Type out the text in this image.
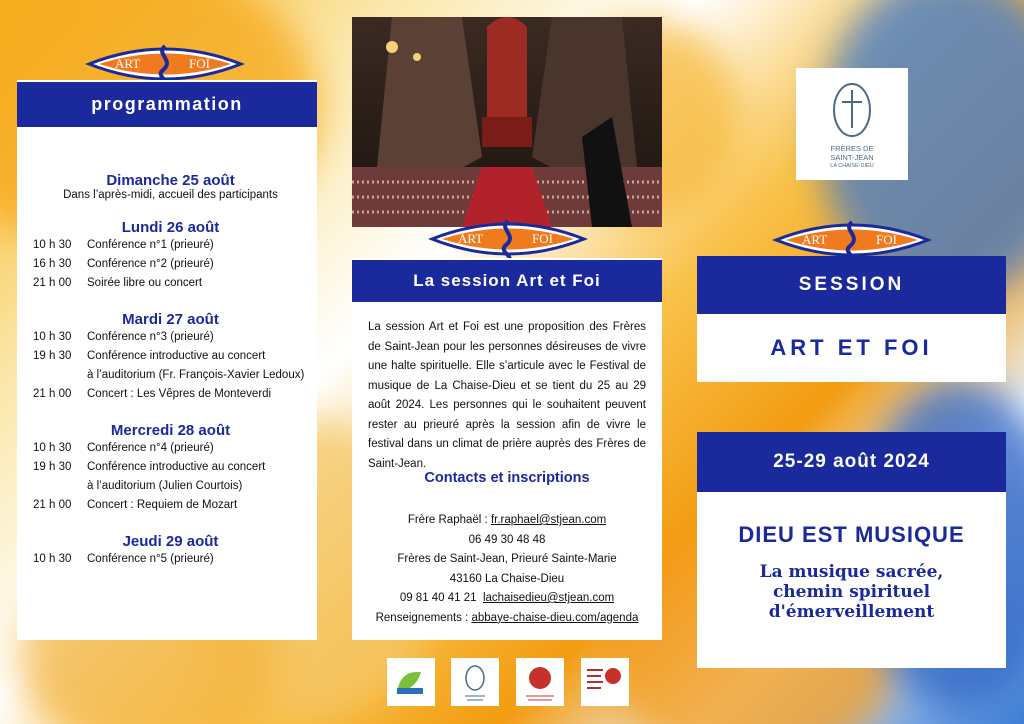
ART	FOI
programmation
Dimanche 25 août
Dans l’après-midi, accueil des participants
Lundi 26 août
10 h 30	Conférence n°1 (prieuré)
16 h 30	Conférence n°2 (prieuré)
21 h 00	Soirée libre ou concert
Mardi 27 août
10 h 30	Conférence n°3 (prieuré)
19 h 30	Conférence introductive au concert
à l’auditorium (Fr. François-Xavier Ledoux)
21 h 00	Concert : Les Vêpres de Monteverdi
Mercredi 28 août
10 h 30	Conférence n°4 (prieuré)
19 h 30	Conférence introductive au concert
à l’auditorium (Julien Courtois)
21 h 00	Concert : Requiem de Mozart
Jeudi 29 août
10 h 30	Conférence n°5 (prieuré)
ART	FOI
La session Art et Foi
La session Art et Foi est une proposition des Frères de Saint-Jean pour les personnes désireuses de vivre une halte spirituelle. Elle s’articule avec le Festival de musique de La Chaise-Dieu et se tient du 25 au 29 août 2024. Les personnes qui le souhaitent peuvent rester au prieuré après la session afin de vivre le festival dans un climat de prière auprès des Frères de Saint-Jean.
Contacts et inscriptions
Frère Raphaël : fr.raphael@stjean.com
06 49 30 48 48
Frères de Saint-Jean, Prieuré Sainte-Marie
43160 La Chaise-Dieu
09 81 40 41 21 lachaisedieu@stjean.com
Renseignements : abbaye-chaise-dieu.com/agenda
FRÈRES DE
SAINT-JEAN
LA CHAISE-DIEU
ART	FOI
SESSION
ART ET FOI
25-29 août 2024
DIEU EST MUSIQUE
La musique sacrée,
chemin spirituel
d'émerveillement
